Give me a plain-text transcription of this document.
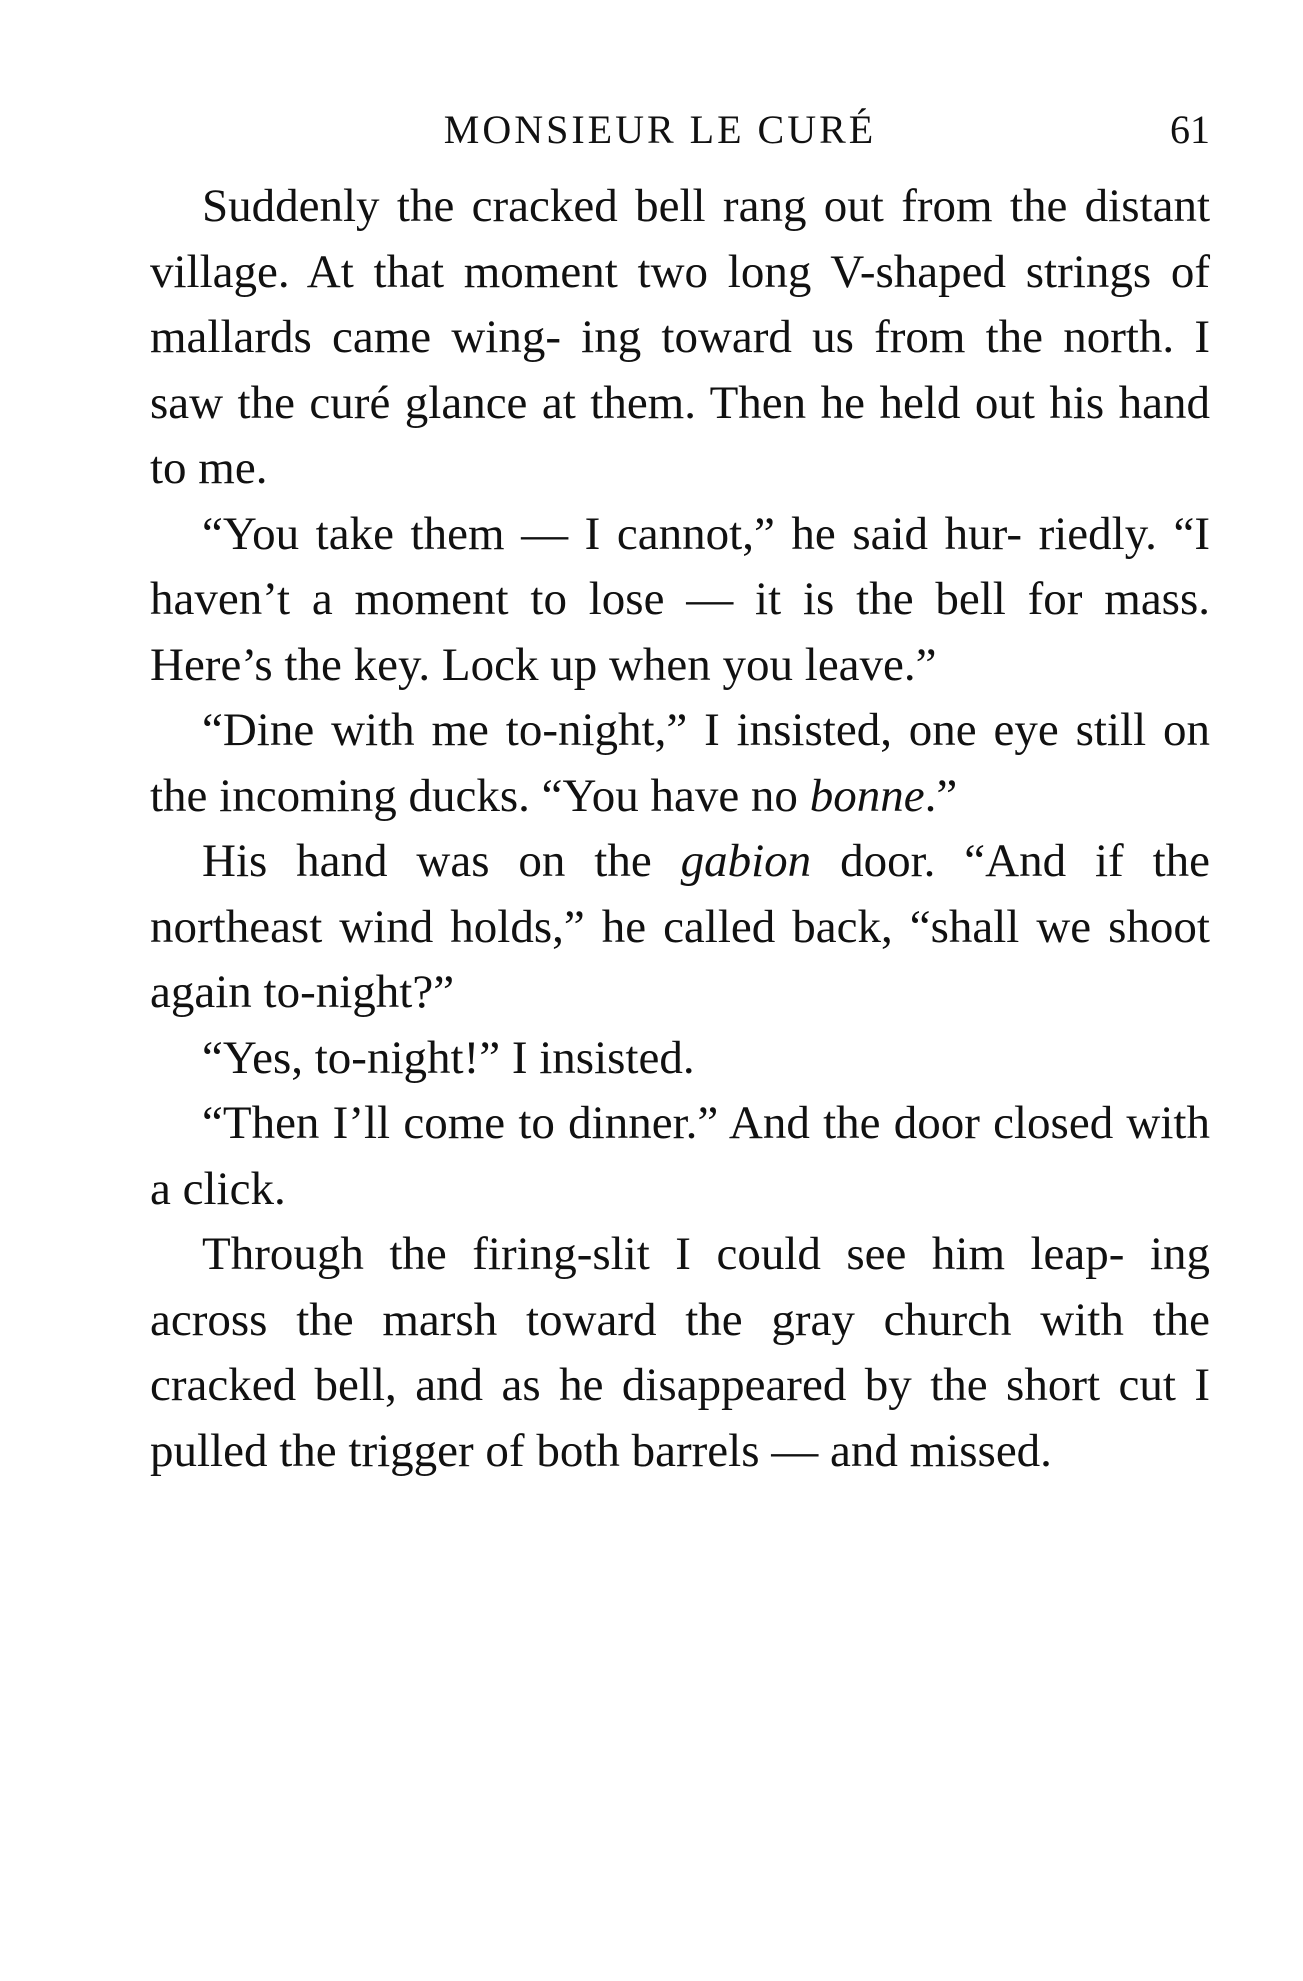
MONSIEUR LE CURÉ	61

Suddenly the cracked bell rang out from the distant village. At that moment two long V-shaped strings of mallards came wing- ing toward us from the north. I saw the curé glance at them. Then he held out his hand to me.

“You take them — I cannot,” he said hur- riedly. “I haven’t a moment to lose — it is the bell for mass. Here’s the key. Lock up when you leave.”

“Dine with me to-night,” I insisted, one eye still on the incoming ducks. “You have no bonne.”

His hand was on the gabion door. “And if the northeast wind holds,” he called back, “shall we shoot again to-night?”

“Yes, to-night!” I insisted.

“Then I’ll come to dinner.” And the door closed with a click.

Through the firing-slit I could see him leap- ing across the marsh toward the gray church with the cracked bell, and as he disappeared by the short cut I pulled the trigger of both barrels — and missed.
